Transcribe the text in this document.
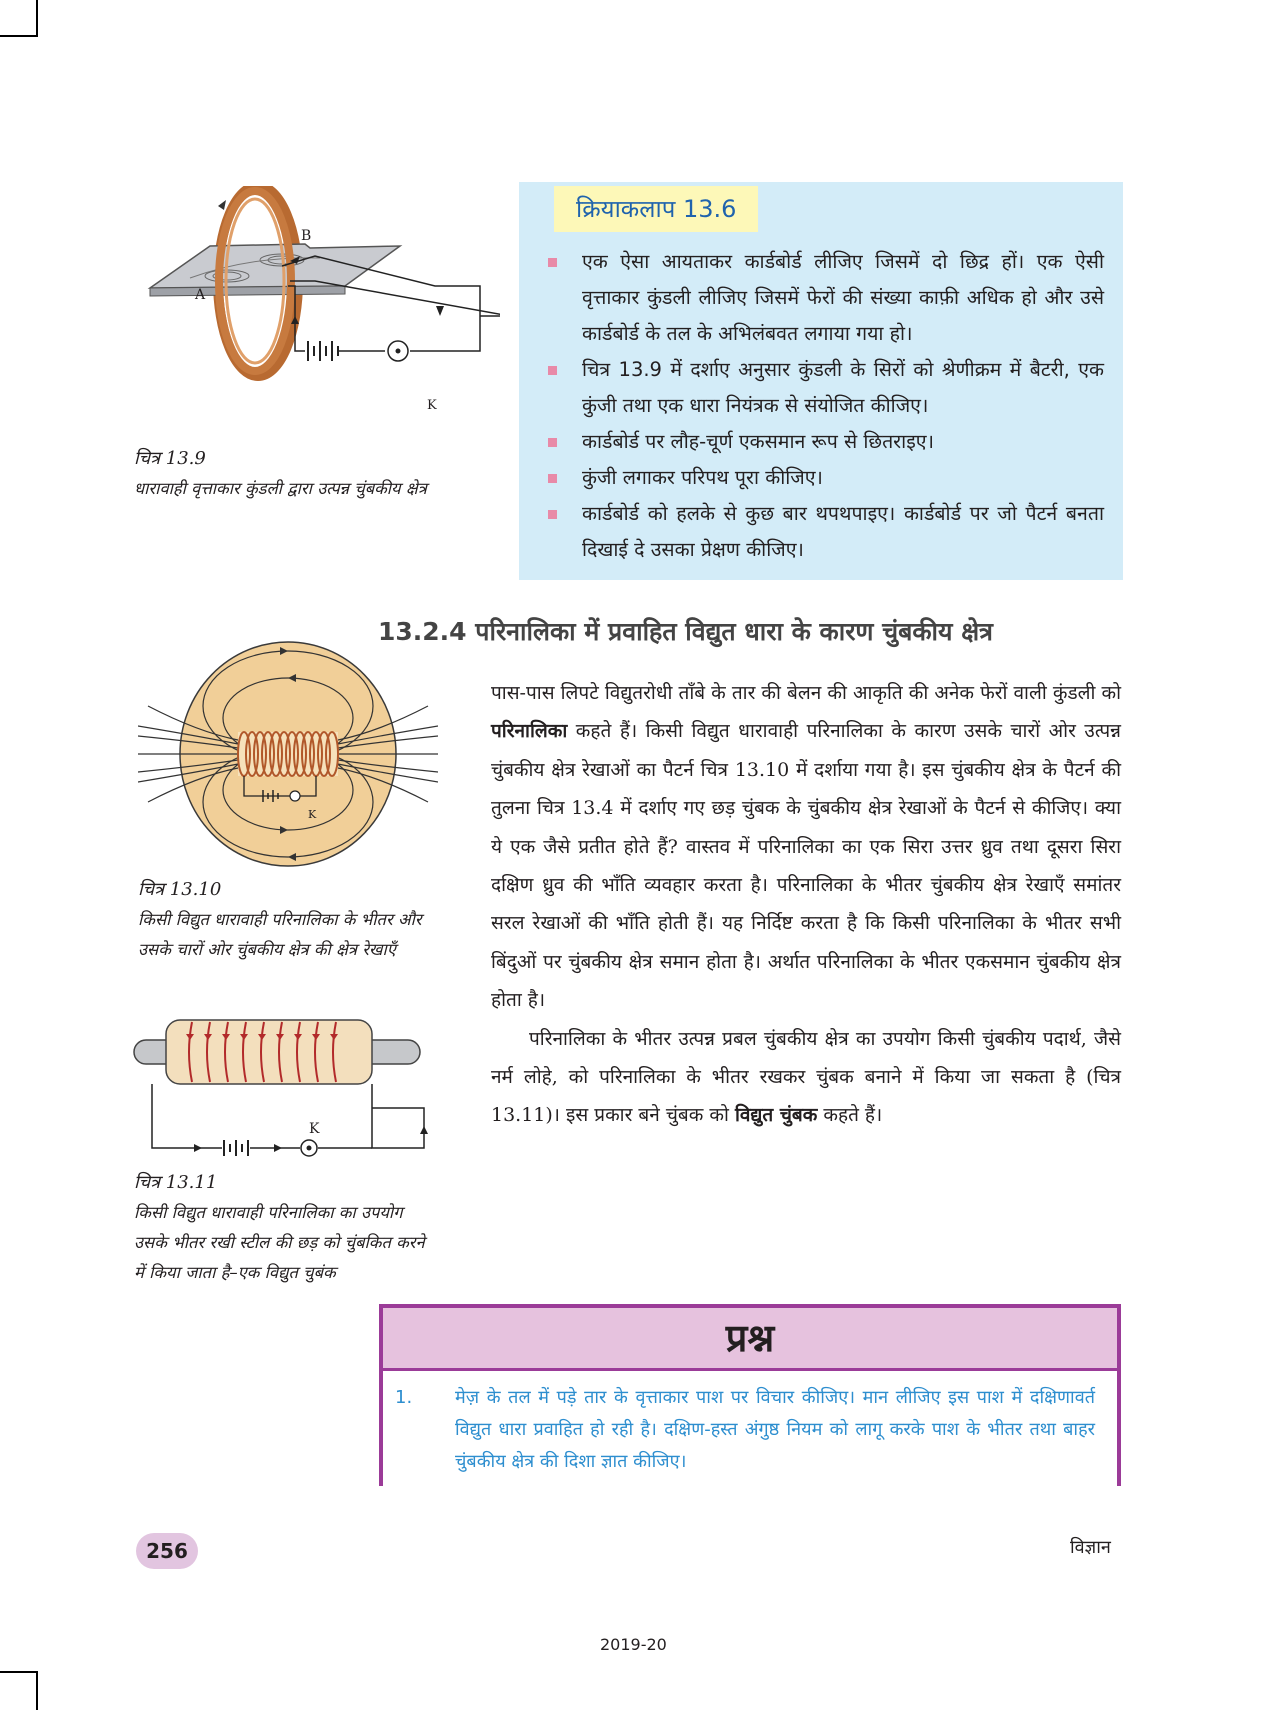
A
B
K
चित्र 13.9
धारावाही वृत्ताकार कुंडली द्वारा उत्पन्न चुंबकीय क्षेत्र
क्रियाकलाप 13.6
एक ऐसा आयताकर कार्डबोर्ड लीजिए जिसमें दो छिद्र हों। एक ऐसी वृत्ताकार कुंडली लीजिए जिसमें फेरों की संख्या काफ़ी अधिक हो और उसे कार्डबोर्ड के तल के अभिलंबवत लगाया गया हो।
चित्र 13.9 में दर्शाए अनुसार कुंडली के सिरों को श्रेणीक्रम में बैटरी, एक कुंजी तथा एक धारा नियंत्रक से संयोजित कीजिए।
कार्डबोर्ड पर लौह-चूर्ण एकसमान रूप से छितराइए।
कुंजी लगाकर परिपथ पूरा कीजिए।
कार्डबोर्ड को हलके से कुछ बार थपथपाइए। कार्डबोर्ड पर जो पैटर्न बनता दिखाई दे उसका प्रेक्षण कीजिए।
13.2.4 परिनालिका में प्रवाहित विद्युत धारा के कारण चुंबकीय क्षेत्र
K
चित्र 13.10
किसी विद्युत धारावाही परिनालिका के भीतर और उसके चारों ओर चुंबकीय क्षेत्र की क्षेत्र रेखाएँ
K
चित्र 13.11
किसी विद्युत धारावाही परिनालिका का उपयोग उसके भीतर रखी स्टील की छड़ को चुंबकित करने में किया जाता है–एक विद्युत चुबंक

पास-पास लिपटे विद्युतरोधी ताँबे के तार की बेलन की आकृति की अनेक फेरों वाली कुंडली को परिनालिका कहते हैं। किसी विद्युत धारावाही परिनालिका के कारण उसके चारों ओर उत्पन्न चुंबकीय क्षेत्र रेखाओं का पैटर्न चित्र 13.10 में दर्शाया गया है। इस चुंबकीय क्षेत्र के पैटर्न की तुलना चित्र 13.4 में दर्शाए गए छड़ चुंबक के चुंबकीय क्षेत्र रेखाओं के पैटर्न से कीजिए। क्या ये एक जैसे प्रतीत होते हैं? वास्तव में परिनालिका का एक सिरा उत्तर ध्रुव तथा दूसरा सिरा दक्षिण ध्रुव की भाँति व्यवहार करता है। परिनालिका के भीतर चुंबकीय क्षेत्र रेखाएँ समांतर सरल रेखाओं की भाँति होती हैं। यह निर्दिष्ट करता है कि किसी परिनालिका के भीतर सभी बिंदुओं पर चुंबकीय क्षेत्र समान होता है। अर्थात परिनालिका के भीतर एकसमान चुंबकीय क्षेत्र होता है।

परिनालिका के भीतर उत्पन्न प्रबल चुंबकीय क्षेत्र का उपयोग किसी चुंबकीय पदार्थ, जैसे नर्म लोहे, को परिनालिका के भीतर रखकर चुंबक बनाने में किया जा सकता है (चित्र 13.11)। इस प्रकार बने चुंबक को विद्युत चुंबक कहते हैं।

प्रश्न
1.	मेज़ के तल में पड़े तार के वृत्ताकार पाश पर विचार कीजिए। मान लीजिए इस पाश में दक्षिणावर्त विद्युत धारा प्रवाहित हो रही है। दक्षिण-हस्त अंगुष्ठ नियम को लागू करके पाश के भीतर तथा बाहर चुंबकीय क्षेत्र की दिशा ज्ञात कीजिए।
256	विज्ञान
2019-20
